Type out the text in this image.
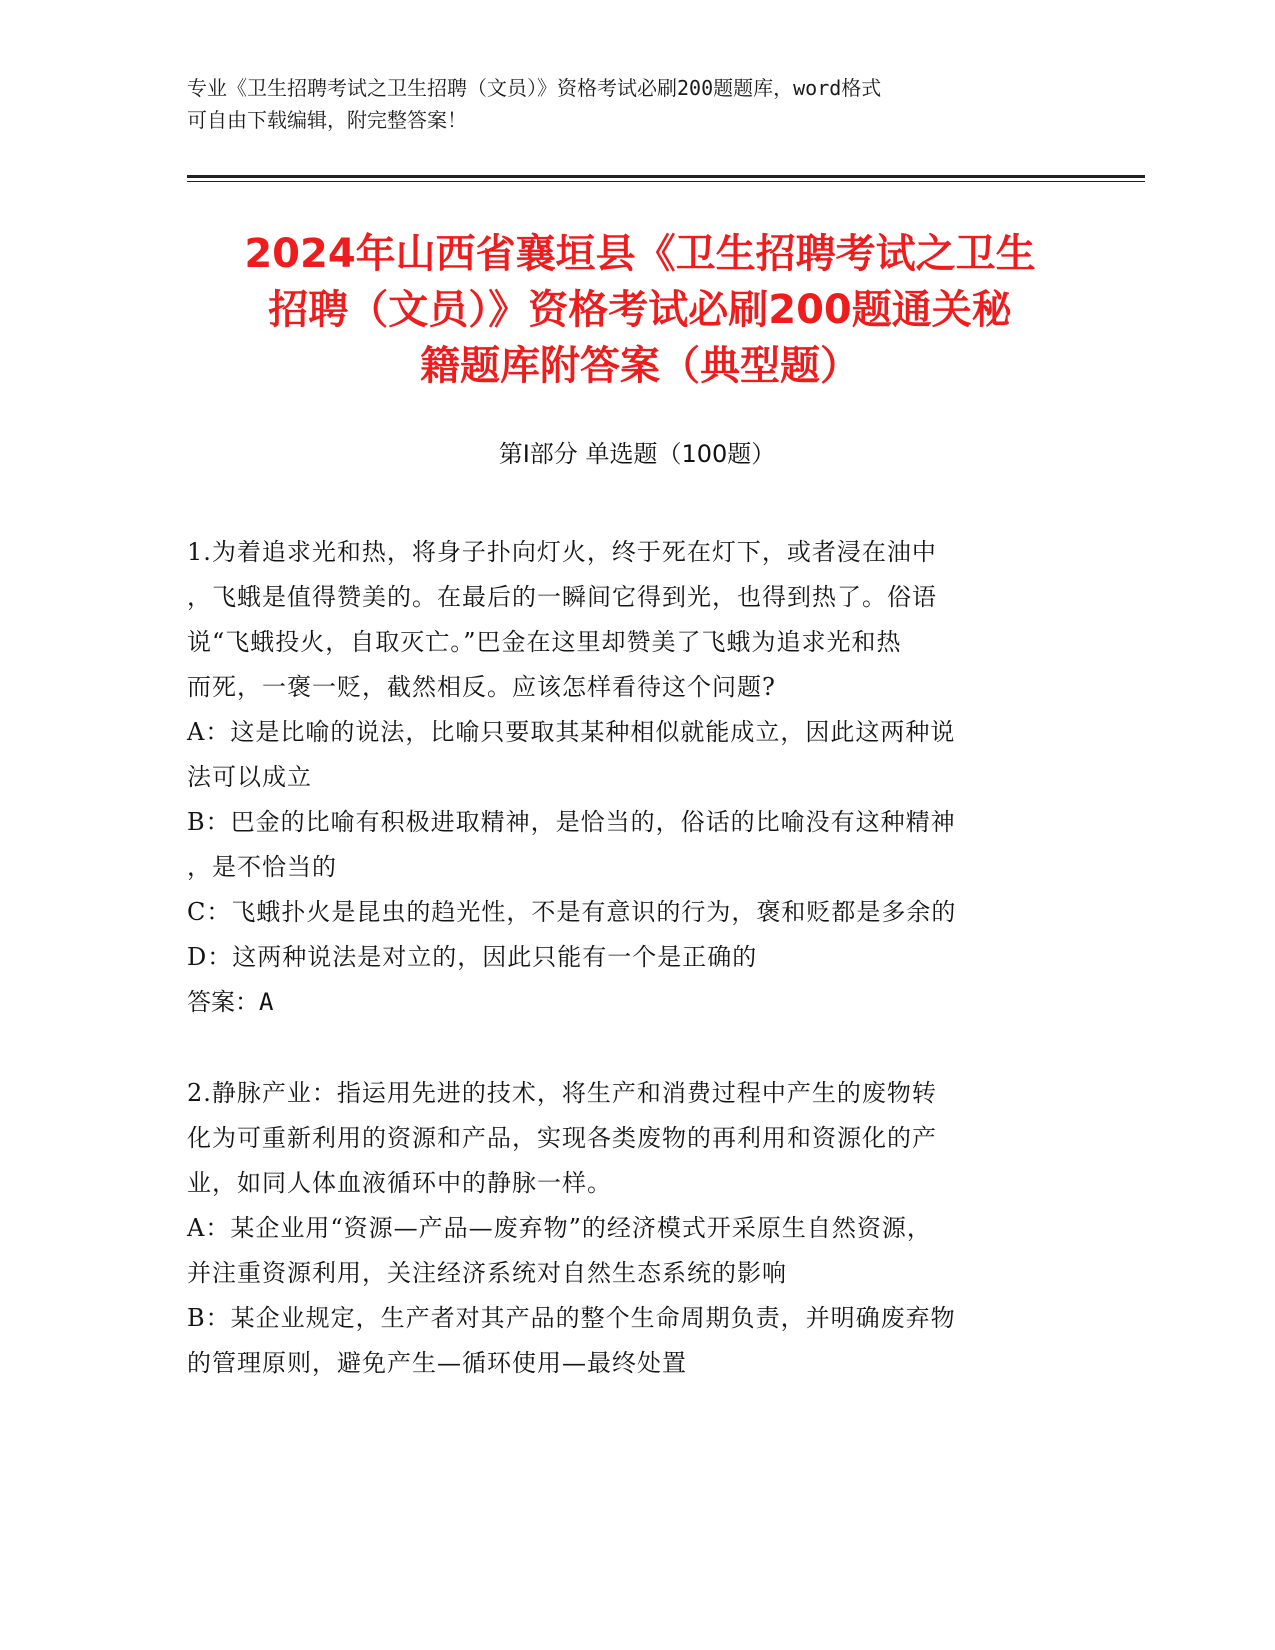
专业《卫生招聘考试之卫生招聘（文员）》资格考试必刷200题题库，word格式
可自由下载编辑，附完整答案！
2024年山西省襄垣县《卫生招聘考试之卫生
招聘（文员）》资格考试必刷200题通关秘
籍题库附答案（典型题）
第Ⅰ部分 单选题（100题）
1.为着追求光和热，将身子扑向灯火，终于死在灯下，或者浸在油中
，飞蛾是值得赞美的。在最后的一瞬间它得到光，也得到热了。俗语
说“飞蛾投火，自取灭亡。”巴金在这里却赞美了飞蛾为追求光和热
而死，一褒一贬，截然相反。应该怎样看待这个问题?
A：这是比喻的说法，比喻只要取其某种相似就能成立，因此这两种说
法可以成立
B：巴金的比喻有积极进取精神，是恰当的，俗话的比喻没有这种精神
，是不恰当的
C：飞蛾扑火是昆虫的趋光性，不是有意识的行为，褒和贬都是多余的
D：这两种说法是对立的，因此只能有一个是正确的
答案：A
2.静脉产业：指运用先进的技术，将生产和消费过程中产生的废物转
化为可重新利用的资源和产品，实现各类废物的再利用和资源化的产
业，如同人体血液循环中的静脉一样。
A：某企业用“资源—产品—废弃物”的经济模式开采原生自然资源，
并注重资源利用，关注经济系统对自然生态系统的影响
B：某企业规定，生产者对其产品的整个生命周期负责，并明确废弃物
的管理原则，避免产生—循环使用—最终处置
